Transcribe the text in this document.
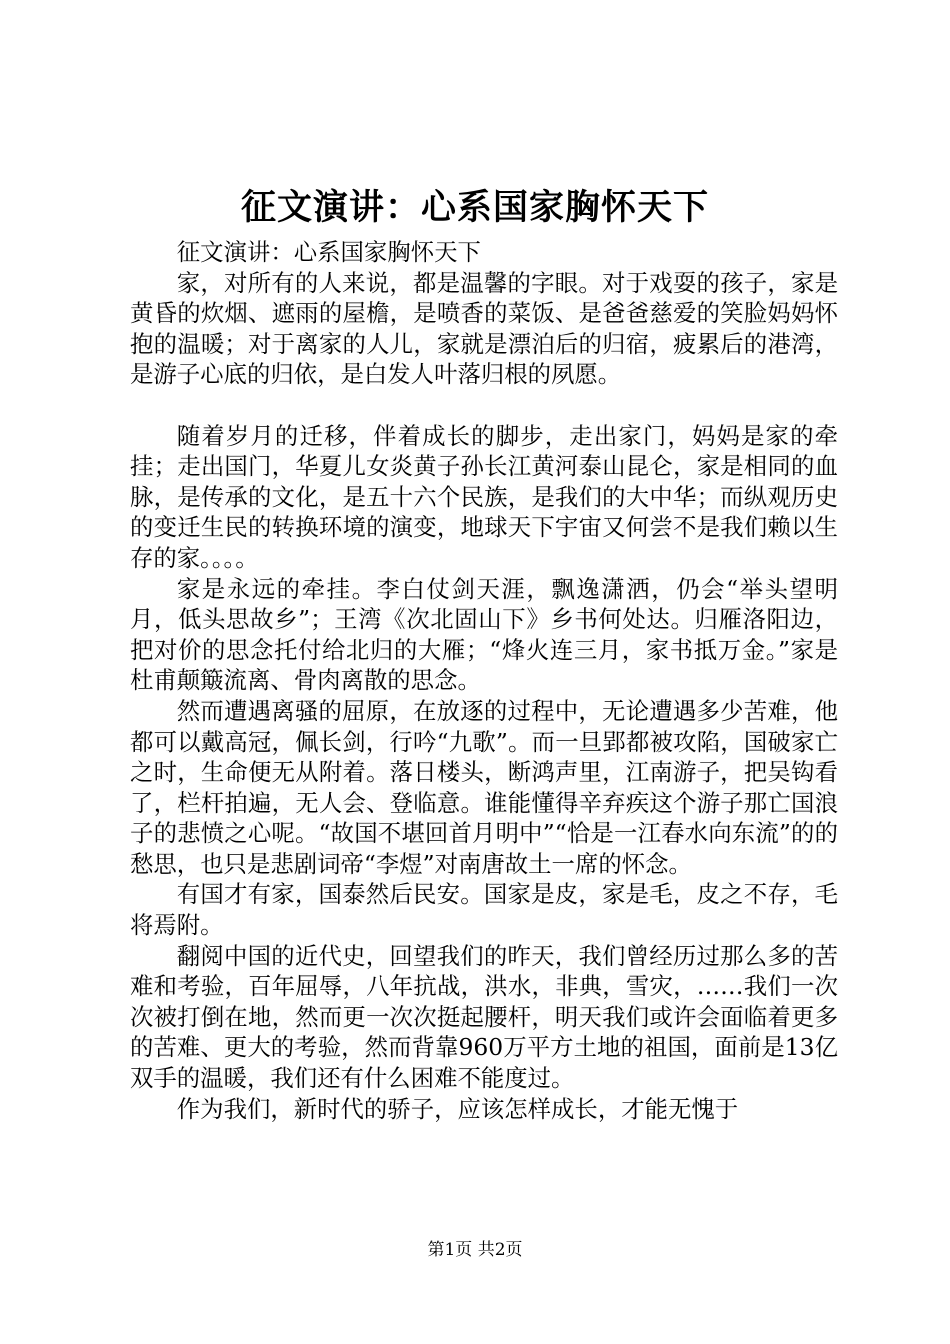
征文演讲：心系国家胸怀天下

征文演讲：心系国家胸怀天下

家，对所有的人来说，都是温馨的字眼。对于戏耍的孩子，家是黄昏的炊烟、遮雨的屋檐，是喷香的菜饭、是爸爸慈爱的笑脸妈妈怀抱的温暖；对于离家的人儿，家就是漂泊后的归宿，疲累后的港湾，是游子心底的归依，是白发人叶落归根的夙愿。

随着岁月的迁移，伴着成长的脚步，走出家门，妈妈是家的牵挂；走出国门，华夏儿女炎黄子孙长江黄河泰山昆仑，家是相同的血脉，是传承的文化，是五十六个民族，是我们的大中华；而纵观历史的变迁生民的转换环境的演变，地球天下宇宙又何尝不是我们赖以生存的家。。。。

家是永远的牵挂。李白仗剑天涯，飘逸潇洒，仍会“举头望明月，低头思故乡”；王湾《次北固山下》乡书何处达。归雁洛阳边，把对价的思念托付给北归的大雁；“烽火连三月，家书抵万金。”家是杜甫颠簸流离、骨肉离散的思念。

然而遭遇离骚的屈原，在放逐的过程中，无论遭遇多少苦难，他都可以戴高冠，佩长剑，行吟“九歌”。而一旦郢都被攻陷，国破家亡之时，生命便无从附着。落日楼头，断鸿声里，江南游子，把吴钩看了，栏杆拍遍，无人会、登临意。谁能懂得辛弃疾这个游子那亡国浪子的悲愤之心呢。“故国不堪回首月明中”“恰是一江春水向东流”的的愁思，也只是悲剧词帝“李煜”对南唐故土一席的怀念。

有国才有家，国泰然后民安。国家是皮，家是毛，皮之不存，毛将焉附。

翻阅中国的近代史，回望我们的昨天，我们曾经历过那么多的苦难和考验，百年屈辱，八年抗战，洪水，非典，雪灾，……我们一次次被打倒在地，然而更一次次挺起腰杆，明天我们或许会面临着更多的苦难、更大的考验，然而背靠960万平方土地的祖国，面前是13亿双手的温暖，我们还有什么困难不能度过。

作为我们，新时代的骄子，应该怎样成长，才能无愧于

第1页 共2页
